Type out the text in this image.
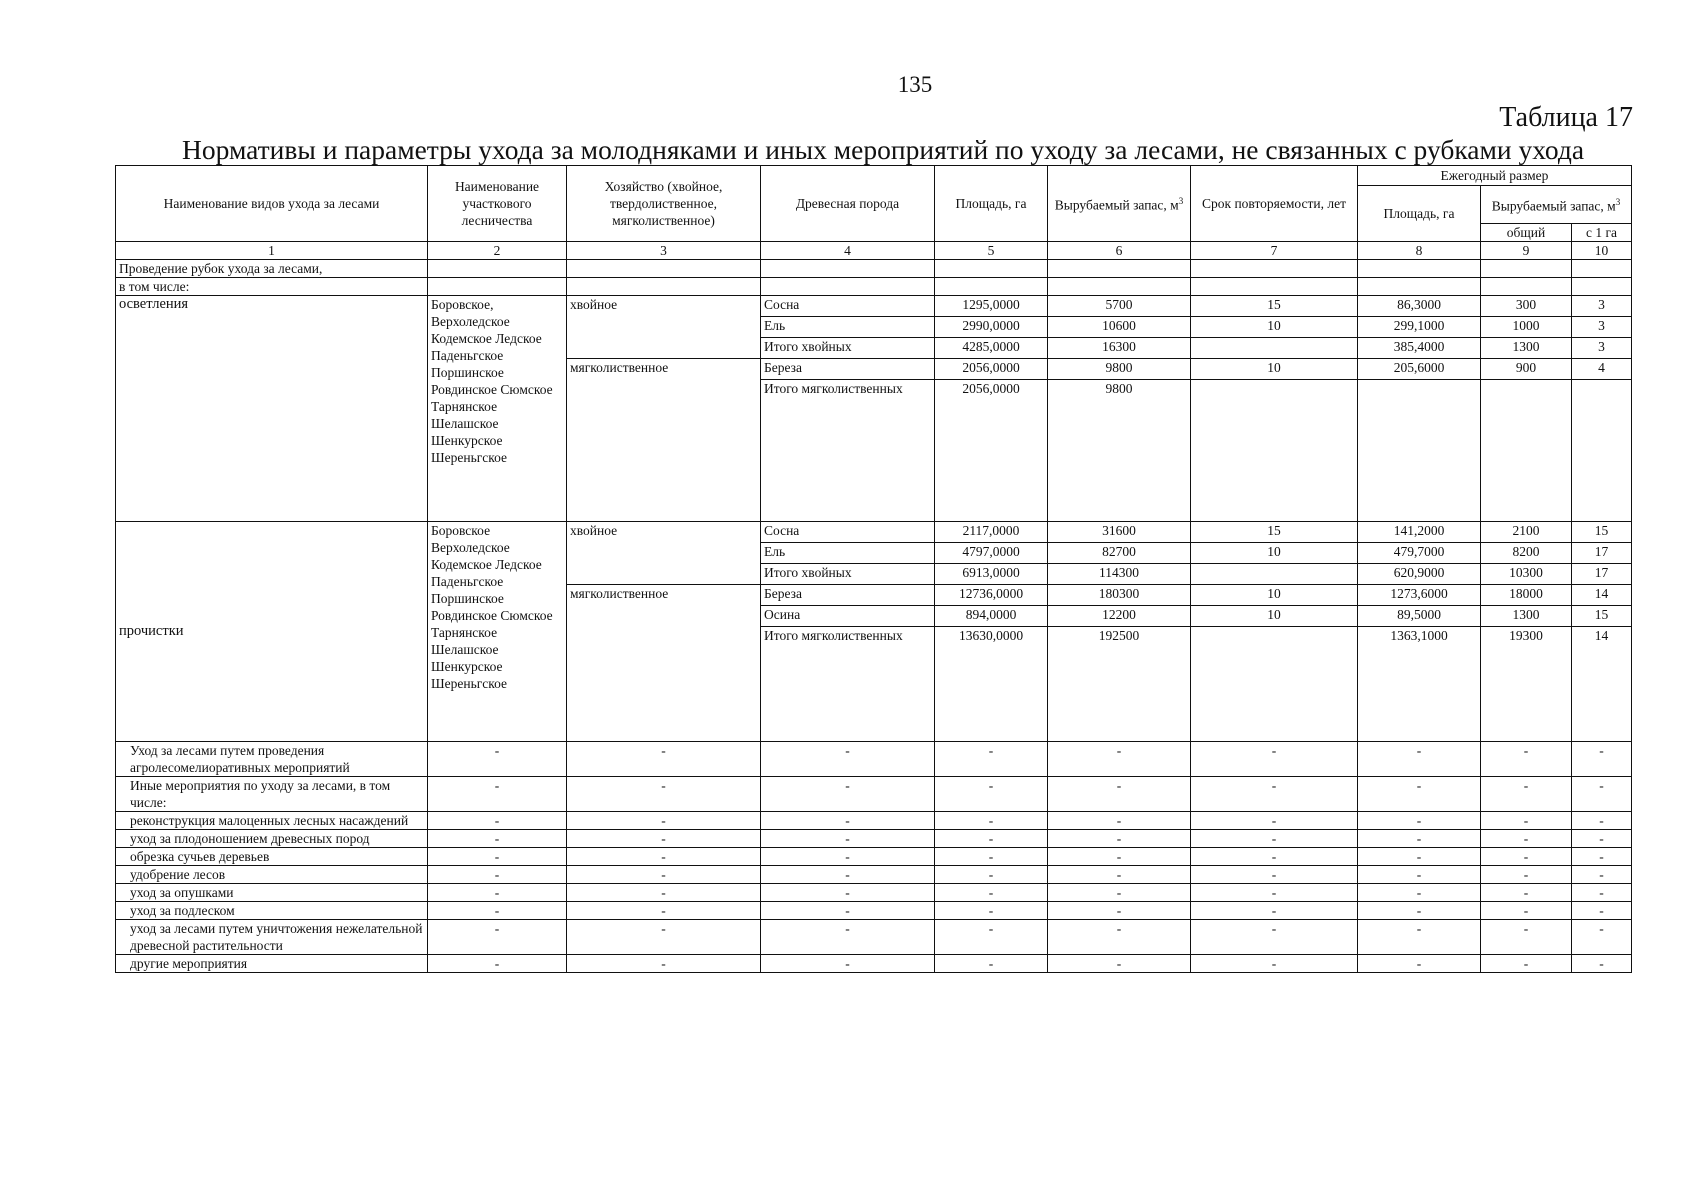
135
Таблица 17
Нормативы и параметры ухода за молодняками и иных мероприятий по уходу за лесами, не связанных с рубками ухода
Наименование видов ухода за лесами	Наименование участкового лесничества	Хозяйство (хвойное, твердолиственное, мягколиственное)	Древесная порода	Площадь, га	Вырубаемый запас, $м^3$	Срок повторяемости, лет	Ежегодный размер		
							Площадь, га	Вырубаемый запас, $м^3$
								общий	с 1 га
1	2	3	4	5	6	7	8	9	10
Проведение рубок ухода за лесами,									
в том числе:									
осветления	Боровское, Верхоледское Кодемское Ледское Паденьгское Поршинское Ровдинское Сюмское Тарнянское Шелашское Шенкурское Шереньгское	хвойное	Сосна	1295,0000	5700	15	86,3000	300	3
			Ель	2990,0000	10600	10	299,1000	1000	3
			Итого хвойных	4285,0000	16300		385,4000	1300	3
		мягколиственное	Береза	2056,0000	9800	10	205,6000	900	4
			Итого мягколиственных	2056,0000	9800				
прочистки	Боровское Верхоледское Кодемское Ледское Паденьгское Поршинское Ровдинское Сюмское Тарнянское Шелашское Шенкурское Шереньгское	хвойное	Сосна	2117,0000	31600	15	141,2000	2100	15
			Ель	4797,0000	82700	10	479,7000	8200	17
			Итого хвойных	6913,0000	114300		620,9000	10300	17
		мягколиственное	Береза	12736,0000	180300	10	1273,6000	18000	14
			Осина	894,0000	12200	10	89,5000	1300	15
			Итого мягколиственных	13630,0000	192500		1363,1000	19300	14
Уход за лесами путем проведения агролесомелиоративных мероприятий	-	-	-	-	-	-	-	-	-
Иные мероприятия по уходу за лесами, в том числе:	-	-	-	-	-	-	-	-	-
реконструкция малоценных лесных насаждений	-	-	-	-	-	-	-	-	-
уход за плодоношением древесных пород	-	-	-	-	-	-	-	-	-
обрезка сучьев деревьев	-	-	-	-	-	-	-	-	-
удобрение лесов	-	-	-	-	-	-	-	-	-
уход за опушками	-	-	-	-	-	-	-	-	-
уход за подлеском	-	-	-	-	-	-	-	-	-
уход за лесами путем уничтожения нежелательной древесной растительности	-	-	-	-	-	-	-	-	-
другие мероприятия	-	-	-	-	-	-	-	-	-
